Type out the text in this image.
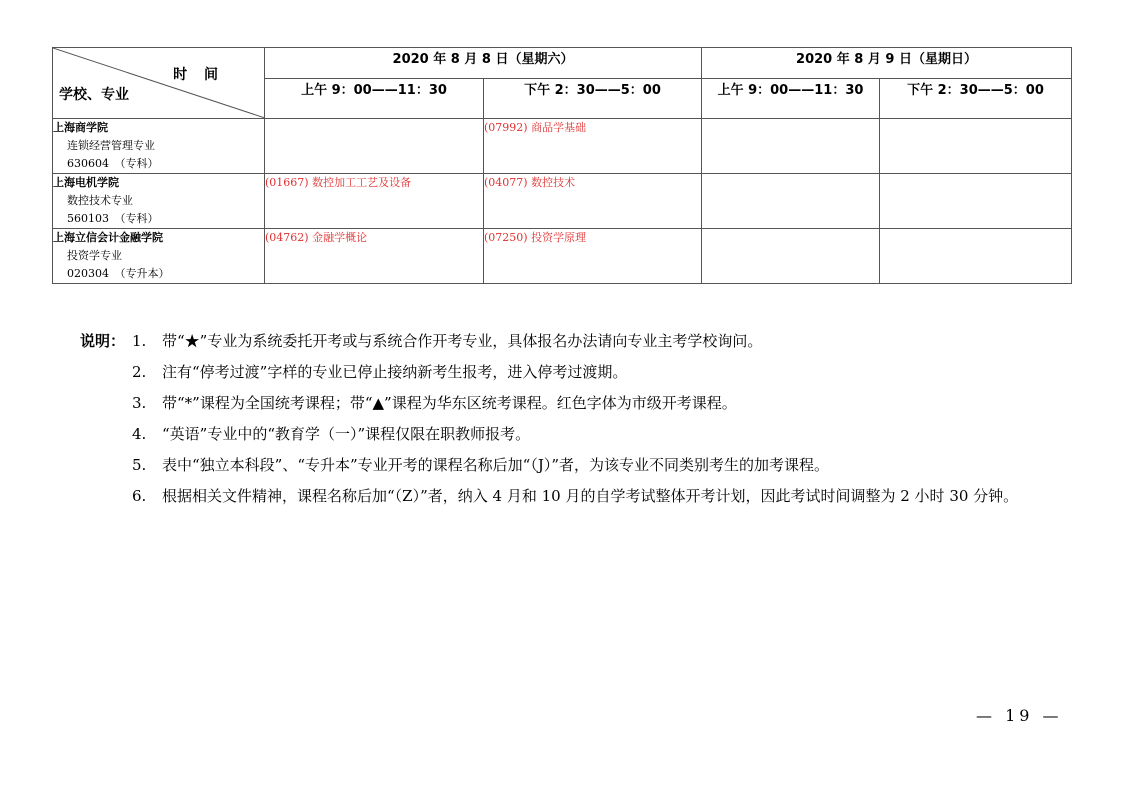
时 间
学校、专业	2020 年 8 月 8 日（星期六）		2020 年 8 月 9 日（星期日）	
	上午 9：00——11：30	下午 2：30——5：00	上午 9：00——11：30	下午 2：30——5：00

上海商学院
连锁经营管理专业
630604　（专科）		(07992) 商品学基础		

上海电机学院
数控技术专业
560103　（专科）	(01667) 数控加工工艺及设备	(04077) 数控技术		

上海立信会计金融学院
投资学专业
020304　（专升本）	(04762) 金融学概论	(07250) 投资学原理		
说明： 1.	带“★”专业为系统委托开考或与系统合作开考专业，具体报名办法请向专业主考学校询问。
2.	注有“停考过渡”字样的专业已停止接纳新考生报考，进入停考过渡期。
3.	带“*”课程为全国统考课程；带“▲”课程为华东区统考课程。红色字体为市级开考课程。
4.	“英语”专业中的“教育学（一）”课程仅限在职教师报考。
5.	表中“独立本科段”、“专升本”专业开考的课程名称后加“（J）”者，为该专业不同类别考生的加考课程。
6.	根据相关文件精神，课程名称后加“（Z）”者，纳入 4 月和 10 月的自学考试整体开考计划，因此考试时间调整为 2 小时 30 分钟。
— 19 —
